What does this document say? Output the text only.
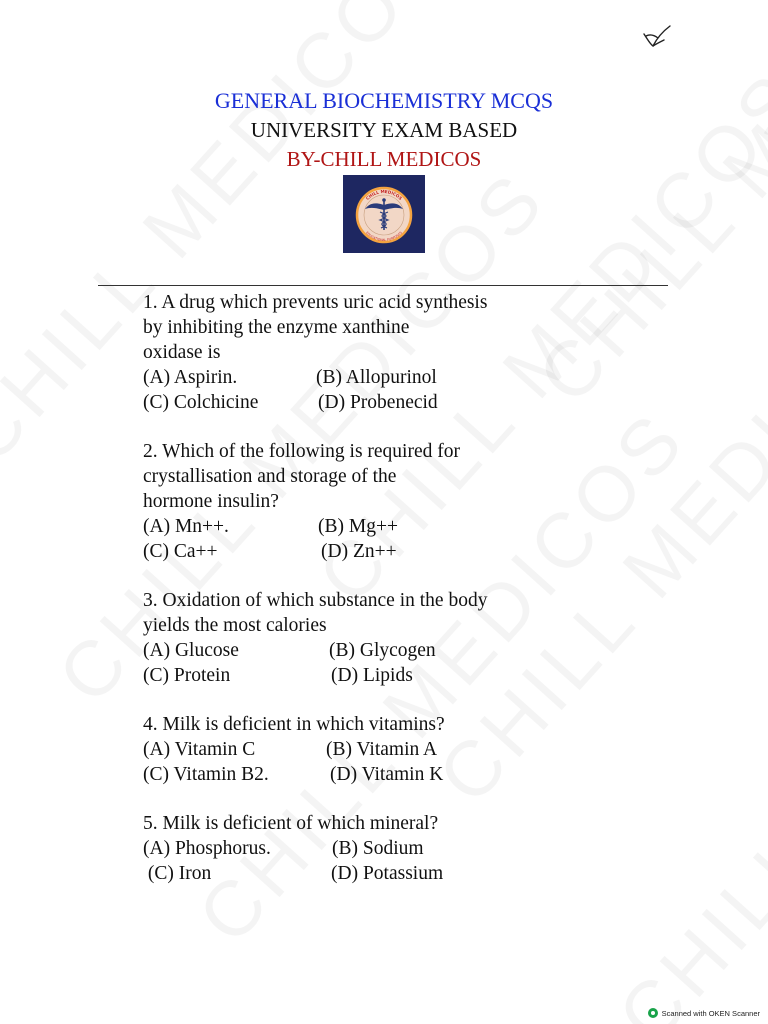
GENERAL BIOCHEMISTRY MCQS
UNIVERSITY EXAM BASED
BY-CHILL MEDICOS
CHILL MEDICOS
EDUCATIONAL PURPOSES
1. A drug which prevents uric acid synthesis
by inhibiting the enzyme xanthine
oxidase is
(A) Aspirin.	(B) Allopurinol
(C) Colchicine	(D) Probenecid
2. Which of the following is required for
crystallisation and storage of the
hormone insulin?
(A) Mn++.	(B) Mg++
(C) Ca++	(D) Zn++
3. Oxidation of which substance in the body
yields the most calories
(A) Glucose	(B) Glycogen
(C) Protein	(D) Lipids
4. Milk is deficient in which vitamins?
(A) Vitamin C	(B) Vitamin A
(C) Vitamin B2.	(D) Vitamin K
5. Milk is deficient of which mineral?
(A) Phosphorus.	(B) Sodium
(C) Iron	(D) Potassium
Scanned with OKEN Scanner
